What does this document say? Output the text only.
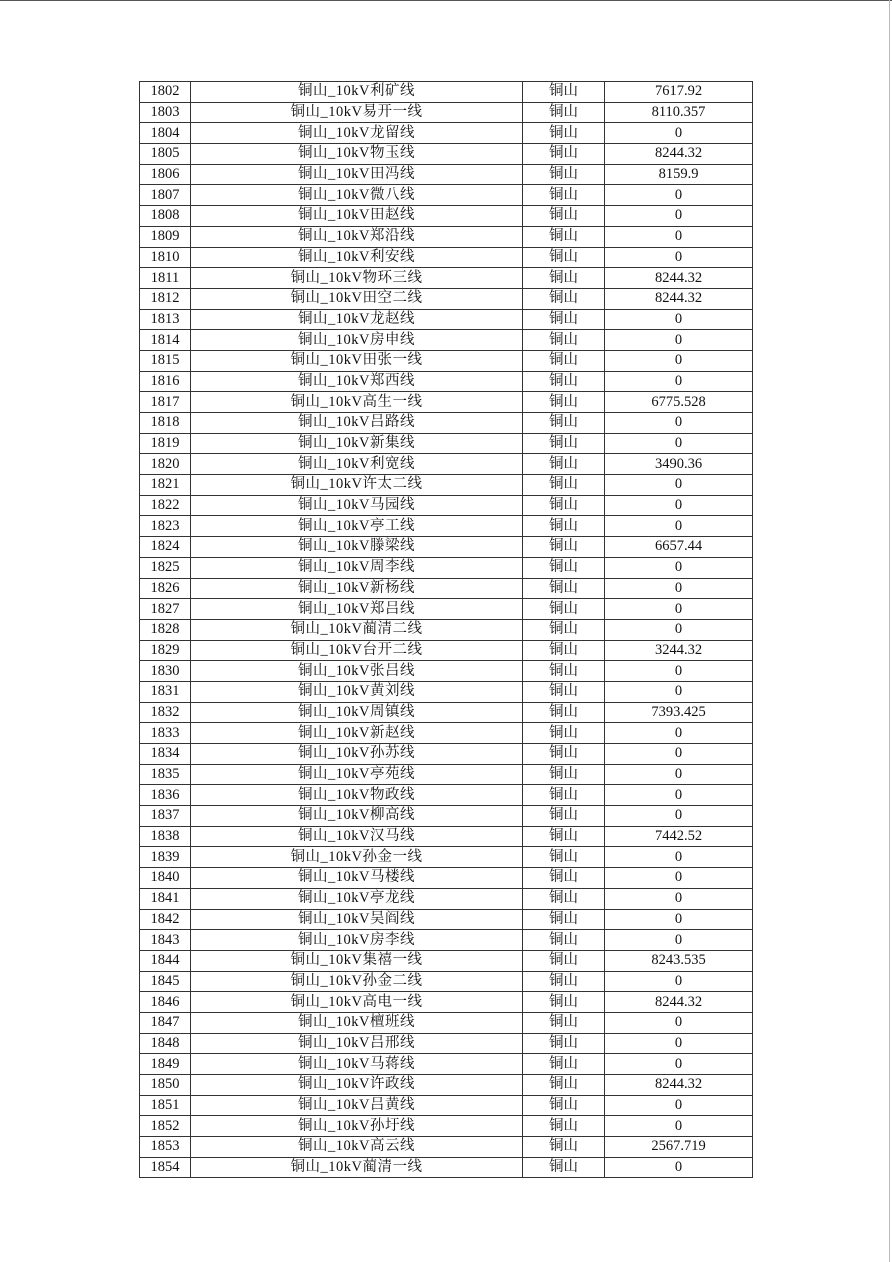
1802	铜山_10kV利矿线	铜山	7617.92
1803	铜山_10kV易开一线	铜山	8110.357
1804	铜山_10kV龙留线	铜山	0
1805	铜山_10kV物玉线	铜山	8244.32
1806	铜山_10kV田冯线	铜山	8159.9
1807	铜山_10kV微八线	铜山	0
1808	铜山_10kV田赵线	铜山	0
1809	铜山_10kV郑沿线	铜山	0
1810	铜山_10kV利安线	铜山	0
1811	铜山_10kV物环三线	铜山	8244.32
1812	铜山_10kV田空二线	铜山	8244.32
1813	铜山_10kV龙赵线	铜山	0
1814	铜山_10kV房申线	铜山	0
1815	铜山_10kV田张一线	铜山	0
1816	铜山_10kV郑西线	铜山	0
1817	铜山_10kV高生一线	铜山	6775.528
1818	铜山_10kV吕路线	铜山	0
1819	铜山_10kV新集线	铜山	0
1820	铜山_10kV利宽线	铜山	3490.36
1821	铜山_10kV许太二线	铜山	0
1822	铜山_10kV马园线	铜山	0
1823	铜山_10kV亭工线	铜山	0
1824	铜山_10kV滕梁线	铜山	6657.44
1825	铜山_10kV周李线	铜山	0
1826	铜山_10kV新杨线	铜山	0
1827	铜山_10kV郑吕线	铜山	0
1828	铜山_10kV蔺清二线	铜山	0
1829	铜山_10kV台开二线	铜山	3244.32
1830	铜山_10kV张吕线	铜山	0
1831	铜山_10kV黄刘线	铜山	0
1832	铜山_10kV周镇线	铜山	7393.425
1833	铜山_10kV新赵线	铜山	0
1834	铜山_10kV孙苏线	铜山	0
1835	铜山_10kV亭苑线	铜山	0
1836	铜山_10kV物政线	铜山	0
1837	铜山_10kV柳高线	铜山	0
1838	铜山_10kV汉马线	铜山	7442.52
1839	铜山_10kV孙金一线	铜山	0
1840	铜山_10kV马楼线	铜山	0
1841	铜山_10kV亭龙线	铜山	0
1842	铜山_10kV吴阎线	铜山	0
1843	铜山_10kV房李线	铜山	0
1844	铜山_10kV集禧一线	铜山	8243.535
1845	铜山_10kV孙金二线	铜山	0
1846	铜山_10kV高电一线	铜山	8244.32
1847	铜山_10kV檀班线	铜山	0
1848	铜山_10kV吕邢线	铜山	0
1849	铜山_10kV马蒋线	铜山	0
1850	铜山_10kV许政线	铜山	8244.32
1851	铜山_10kV吕黄线	铜山	0
1852	铜山_10kV孙圩线	铜山	0
1853	铜山_10kV高云线	铜山	2567.719
1854	铜山_10kV蔺清一线	铜山	0
